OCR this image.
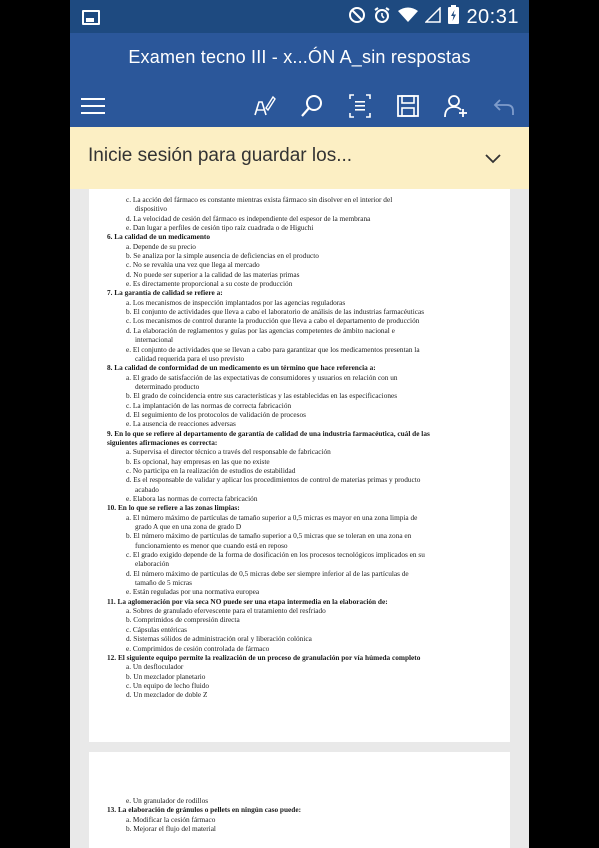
20:31
Examen tecno III - x...ÓN A_sin respostas
Inicie sesión para guardar los...
c. La acción del fármaco es constante mientras exista fármaco sin disolver en el interior del
dispositivo
d. La velocidad de cesión del fármaco es independiente del espesor de la membrana
e. Dan lugar a perfiles de cesión tipo raíz cuadrada o de Higuchi
6. La calidad de un medicamento
a. Depende de su precio
b. Se analiza por la simple ausencia de deficiencias en el producto
c. No se revalúa una vez que llega al mercado
d. No puede ser superior a la calidad de las materias primas
e. Es directamente proporcional a su coste de producción
7. La garantía de calidad se refiere a:
a. Los mecanismos de inspección implantados por las agencias reguladoras
b. El conjunto de actividades que lleva a cabo el laboratorio de análisis de las industrias farmacéuticas
c. Los mecanismos de control durante la producción que lleva a cabo el departamento de producción
d. La elaboración de reglamentos y guías por las agencias competentes de ámbito nacional e
internacional
e. El conjunto de actividades que se llevan a cabo para garantizar que los medicamentos presentan la
calidad requerida para el uso previsto
8. La calidad de conformidad de un medicamento es un término que hace referencia a:
a. El grado de satisfacción de las expectativas de consumidores y usuarios en relación con un
determinado producto
b. El grado de coincidencia entre sus características y las establecidas en las especificaciones
c. La implantación de las normas de correcta fabricación
d. El seguimiento de los protocolos de validación de procesos
e. La ausencia de reacciones adversas
9. En lo que se refiere al departamento de garantía de calidad de una industria farmacéutica, cuál de las
siguientes afirmaciones es correcta:
a. Supervisa el director técnico a través del responsable de fabricación
b. Es opcional, hay empresas en las que no existe
c. No participa en la realización de estudios de estabilidad
d. Es el responsable de validar y aplicar los procedimientos de control de materias primas y producto
acabado
e. Elabora las normas de correcta fabricación
10. En lo que se refiere a las zonas limpias:
a. El número máximo de partículas de tamaño superior a 0,5 micras es mayor en una zona limpia de
grado A que en una zona de grado D
b. El número máximo de partículas de tamaño superior a 0,5 micras que se toleran en una zona en
funcionamiento es menor que cuando está en reposo
c. El grado exigido depende de la forma de dosificación en los procesos tecnológicos implicados en su
elaboración
d. El número máximo de partículas de 0,5 micras debe ser siempre inferior al de las partículas de
tamaño de 5 micras
e. Están reguladas por una normativa europea
11. La aglomeración por vía seca NO puede ser una etapa intermedia en la elaboración de:
a. Sobres de granulado efervescente para el tratamiento del resfriado
b. Comprimidos de compresión directa
c. Cápsulas entéricas
d. Sistemas sólidos de administración oral y liberación colónica
e. Comprimidos de cesión controlada de fármaco
12. El siguiente equipo permite la realización de un proceso de granulación por vía húmeda completo
a. Un desfloculador
b. Un mezclador planetario
c. Un equipo de lecho fluido
d. Un mezclador de doble Z
e. Un granulador de rodillos
13. La elaboración de gránulos o pellets en ningún caso puede:
a. Modificar la cesión fármaco
b. Mejorar el flujo del material
